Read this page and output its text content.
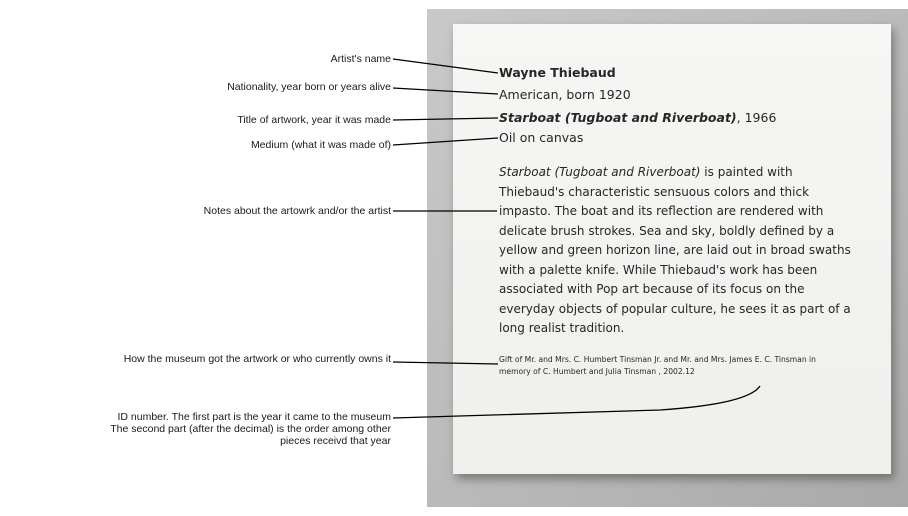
Wayne Thiebaud
American, born 1920
Starboat (Tugboat and Riverboat), 1966
Oil on canvas
Starboat (Tugboat and Riverboat) is painted with Thiebaud's characteristic sensuous colors and thick impasto. The boat and its reflection are rendered with delicate brush strokes. Sea and sky, boldly defined by a yellow and green horizon line, are laid out in broad swaths with a palette knife. While Thiebaud's work has been associated with Pop art because of its focus on the everyday objects of popular culture, he sees it as part of a long realist tradition.
Gift of Mr. and Mrs. C. Humbert Tinsman Jr. and Mr. and Mrs. James E. C. Tinsman in memory of C. Humbert and Julia Tinsman , 2002.12
Artist's name
Nationality, year born or years alive
Title of artwork, year it was made
Medium (what it was made of)
Notes about the artowrk and/or the artist
How the museum got the artwork or who currently owns it
ID number. The first part is the year it came to the museum
The second part (after the decimal) is the order among other
pieces receivd that year
